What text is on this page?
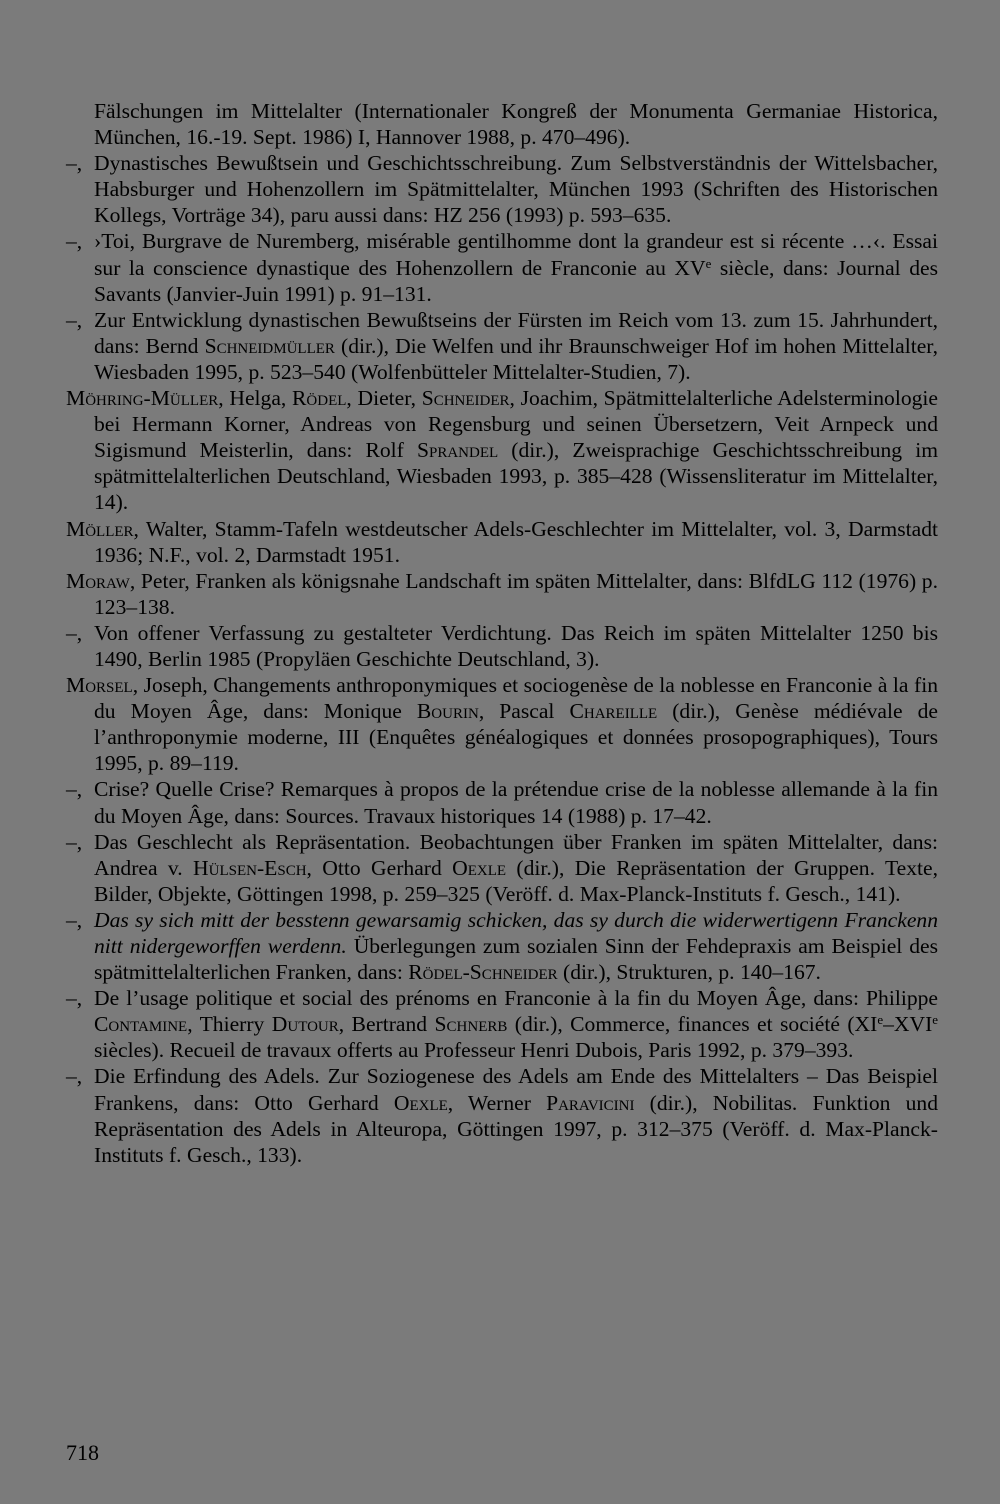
Fälschungen im Mittelalter (Internationaler Kongreß der Monumenta Germaniae Historica, München, 16.-19. Sept. 1986) I, Hannover 1988, p. 470–496).
–, Dynastisches Bewußtsein und Geschichtsschreibung. Zum Selbstverständnis der Wittelsbacher, Habsburger und Hohenzollern im Spätmittelalter, München 1993 (Schriften des Historischen Kollegs, Vorträge 34), paru aussi dans: HZ 256 (1993) p. 593–635.
–, ›Toi, Burgrave de Nuremberg, misérable gentilhomme dont la grandeur est si récente …‹. Essai sur la conscience dynastique des Hohenzollern de Franconie au XVe siècle, dans: Journal des Savants (Janvier-Juin 1991) p. 91–131.
–, Zur Entwicklung dynastischen Bewußtseins der Fürsten im Reich vom 13. zum 15. Jahrhundert, dans: Bernd Schneidmüller (dir.), Die Welfen und ihr Braunschweiger Hof im hohen Mittelalter, Wiesbaden 1995, p. 523–540 (Wolfenbütteler Mittelalter-Studien, 7).
Möhring-Müller, Helga, Rödel, Dieter, Schneider, Joachim, Spätmittelalterliche Adelsterminologie bei Hermann Korner, Andreas von Regensburg und seinen Übersetzern, Veit Arnpeck und Sigismund Meisterlin, dans: Rolf Sprandel (dir.), Zweisprachige Geschichtsschreibung im spätmittelalterlichen Deutschland, Wiesbaden 1993, p. 385–428 (Wissensliteratur im Mittelalter, 14).
Möller, Walter, Stamm-Tafeln westdeutscher Adels-Geschlechter im Mittelalter, vol. 3, Darmstadt 1936; N.F., vol. 2, Darmstadt 1951.
Moraw, Peter, Franken als königsnahe Landschaft im späten Mittelalter, dans: BlfdLG 112 (1976) p. 123–138.
–, Von offener Verfassung zu gestalteter Verdichtung. Das Reich im späten Mittelalter 1250 bis 1490, Berlin 1985 (Propyläen Geschichte Deutschland, 3).
Morsel, Joseph, Changements anthroponymiques et sociogenèse de la noblesse en Franconie à la fin du Moyen Âge, dans: Monique Bourin, Pascal Chareille (dir.), Genèse médiévale de l’anthroponymie moderne, III (Enquêtes généalogiques et données prosopographiques), Tours 1995, p. 89–119.
–, Crise? Quelle Crise? Remarques à propos de la prétendue crise de la noblesse allemande à la fin du Moyen Âge, dans: Sources. Travaux historiques 14 (1988) p. 17–42.
–, Das Geschlecht als Repräsentation. Beobachtungen über Franken im späten Mittelalter, dans: Andrea v. Hülsen-Esch, Otto Gerhard Oexle (dir.), Die Repräsentation der Gruppen. Texte, Bilder, Objekte, Göttingen 1998, p. 259–325 (Veröff. d. Max-Planck-Instituts f. Gesch., 141).
–, Das sy sich mitt der besstenn gewarsamig schicken, das sy durch die widerwertigenn Franckenn nitt nidergeworffen werdenn. Überlegungen zum sozialen Sinn der Fehdepraxis am Beispiel des spätmittelalterlichen Franken, dans: Rödel-Schneider (dir.), Strukturen, p. 140–167.
–, De l’usage politique et social des prénoms en Franconie à la fin du Moyen Âge, dans: Philippe Contamine, Thierry Dutour, Bertrand Schnerb (dir.), Commerce, finances et société (XIe–XVIe siècles). Recueil de travaux offerts au Professeur Henri Dubois, Paris 1992, p. 379–393.
–, Die Erfindung des Adels. Zur Soziogenese des Adels am Ende des Mittelalters – Das Beispiel Frankens, dans: Otto Gerhard Oexle, Werner Paravicini (dir.), Nobilitas. Funktion und Repräsentation des Adels in Alteuropa, Göttingen 1997, p. 312–375 (Veröff. d. Max-Planck-Instituts f. Gesch., 133).
718
